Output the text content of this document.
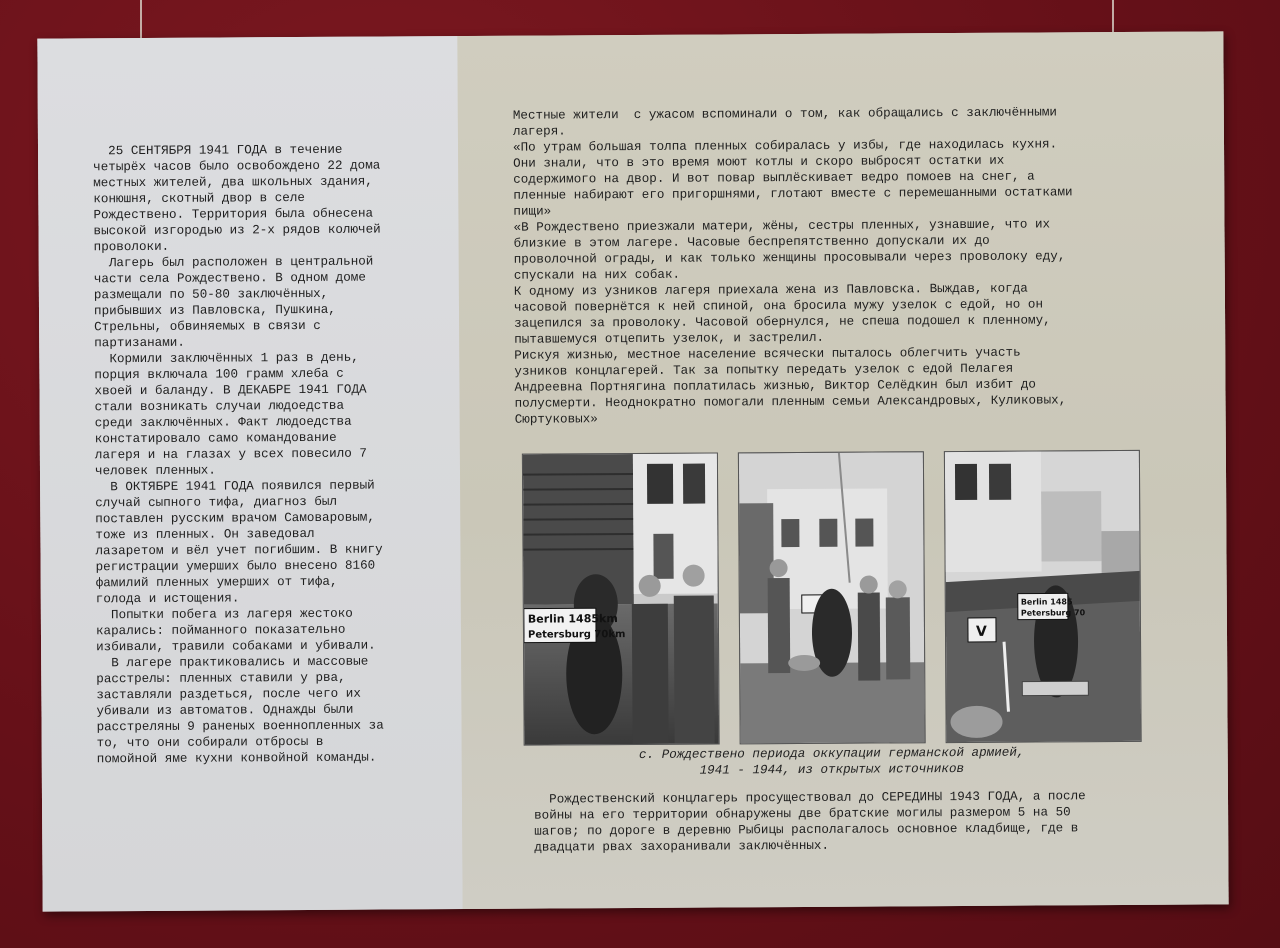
25 СЕНТЯБРЯ 1941 ГОДА в течение
четырёх часов было освобождено 22 дома
местных жителей, два школьных здания,
конюшня, скотный двор в селе
Рождествено. Территория была обнесена
высокой изгородью из 2-х рядов колючей
проволоки.
Лагерь был расположен в центральной
части села Рождествено. В одном доме
размещали по 50-80 заключённых,
прибывших из Павловска, Пушкина,
Стрельны, обвиняемых в связи с
партизанами.
Кормили заключённых 1 раз в день,
порция включала 100 грамм хлеба с
хвоей и баланду. В ДЕКАБРЕ 1941 ГОДА
стали возникать случаи людоедства
среди заключённых. Факт людоедства
констатировало само командование
лагеря и на глазах у всех повесило 7
человек пленных.
В ОКТЯБРЕ 1941 ГОДА появился первый
случай сыпного тифа, диагноз был
поставлен русским врачом Самоваровым,
тоже из пленных. Он заведовал
лазаретом и вёл учет погибшим. В книгу
регистрации умерших было внесено 8160
фамилий пленных умерших от тифа,
голода и истощения.
Попытки побега из лагеря жестоко
карались: пойманного показательно
избивали, травили собаками и убивали.
В лагере практиковались и массовые
расстрелы: пленных ставили у рва,
заставляли раздеться, после чего их
убивали из автоматов. Однажды были
расстреляны 9 раненых военнопленных за
то, что они собирали отбросы в
помойной яме кухни конвойной команды.

Местные жители  с ужасом вспоминали о том, как обращались с заключёнными
лагеря.
«По утрам большая толпа пленных собиралась у избы, где находилась кухня.
Они знали, что в это время моют котлы и скоро выбросят остатки их
содержимого на двор. И вот повар выплёскивает ведро помоев на снег, а
пленные набирают его пригоршнями, глотают вместе с перемешанными остатками
пищи»
«В Рождествено приезжали матери, жёны, сестры пленных, узнавшие, что их
близкие в этом лагере. Часовые беспрепятственно допускали их до
проволочной ограды, и как только женщины просовывали через проволоку еду,
спускали на них собак.
К одному из узников лагеря приехала жена из Павловска. Выждав, когда
часовой повернётся к ней спиной, она бросила мужу узелок с едой, но он
зацепился за проволоку. Часовой обернулся, не спеша подошел к пленному,
пытавшемуся отцепить узелок, и застрелил.
Рискуя жизнью, местное население всячески пыталось облегчить участь
узников концлагерей. Так за попытку передать узелок с едой Пелагея
Андреевна Портнягина поплатилась жизнью, Виктор Селёдкин был избит до
полусмерти. Неоднократно помогали пленным семьи Александровых, Куликовых,
Сюртуковых»

Berlin 1485km
Petersburg 70km	V
Berlin 1485
Petersburg 70
с. Рождествено периода оккупации германской армией,
1941 - 1944, из открытых источников

Рождественский концлагерь просуществовал до СЕРЕДИНЫ 1943 ГОДА, а после
войны на его территории обнаружены две братские могилы размером 5 на 50
шагов; по дороге в деревню Рыбицы располагалось основное кладбище, где в
двадцати рвах захоранивали заключённых.
